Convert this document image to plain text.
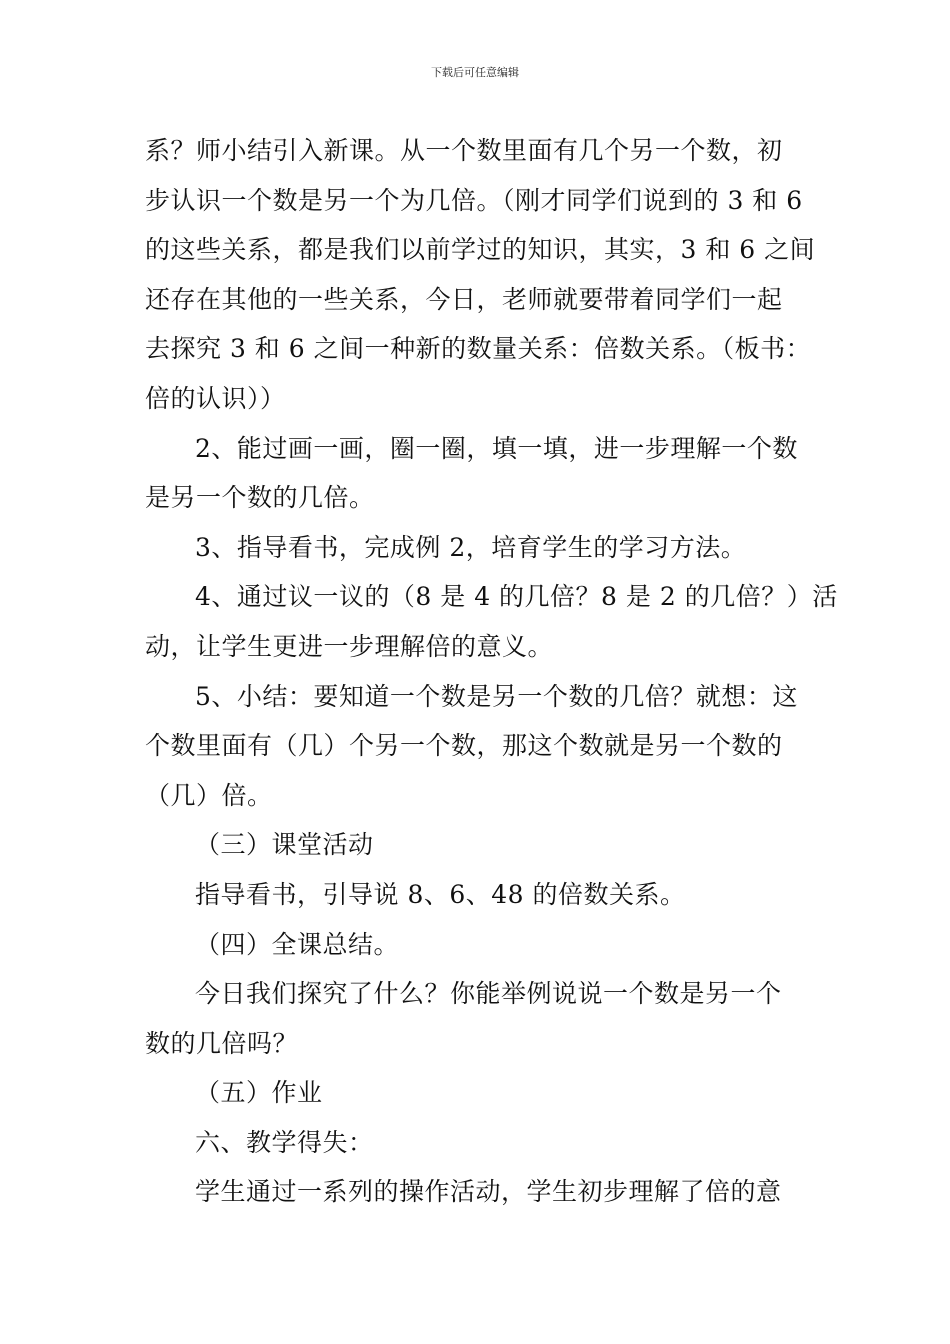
下载后可任意编辑
系？师小结引入新课。从一个数里面有几个另一个数，初
步认识一个数是另一个为几倍。（刚才同学们说到的 3 和 6
的这些关系，都是我们以前学过的知识，其实，3 和 6 之间
还存在其他的一些关系，今日，老师就要带着同学们一起
去探究 3 和 6 之间一种新的数量关系：倍数关系。（板书：
倍的认识））
2、能过画一画，圈一圈，填一填，进一步理解一个数
是另一个数的几倍。
3、指导看书，完成例 2，培育学生的学习方法。
4、通过议一议的（8 是 4 的几倍？8 是 2 的几倍？）活
动，让学生更进一步理解倍的意义。
5、小结：要知道一个数是另一个数的几倍？就想：这
个数里面有（几）个另一个数，那这个数就是另一个数的
（几）倍。
（三）课堂活动
指导看书，引导说 8、6、48 的倍数关系。
（四）全课总结。
今日我们探究了什么？你能举例说说一个数是另一个
数的几倍吗？
（五）作业
六、教学得失：
学生通过一系列的操作活动，学生初步理解了倍的意
